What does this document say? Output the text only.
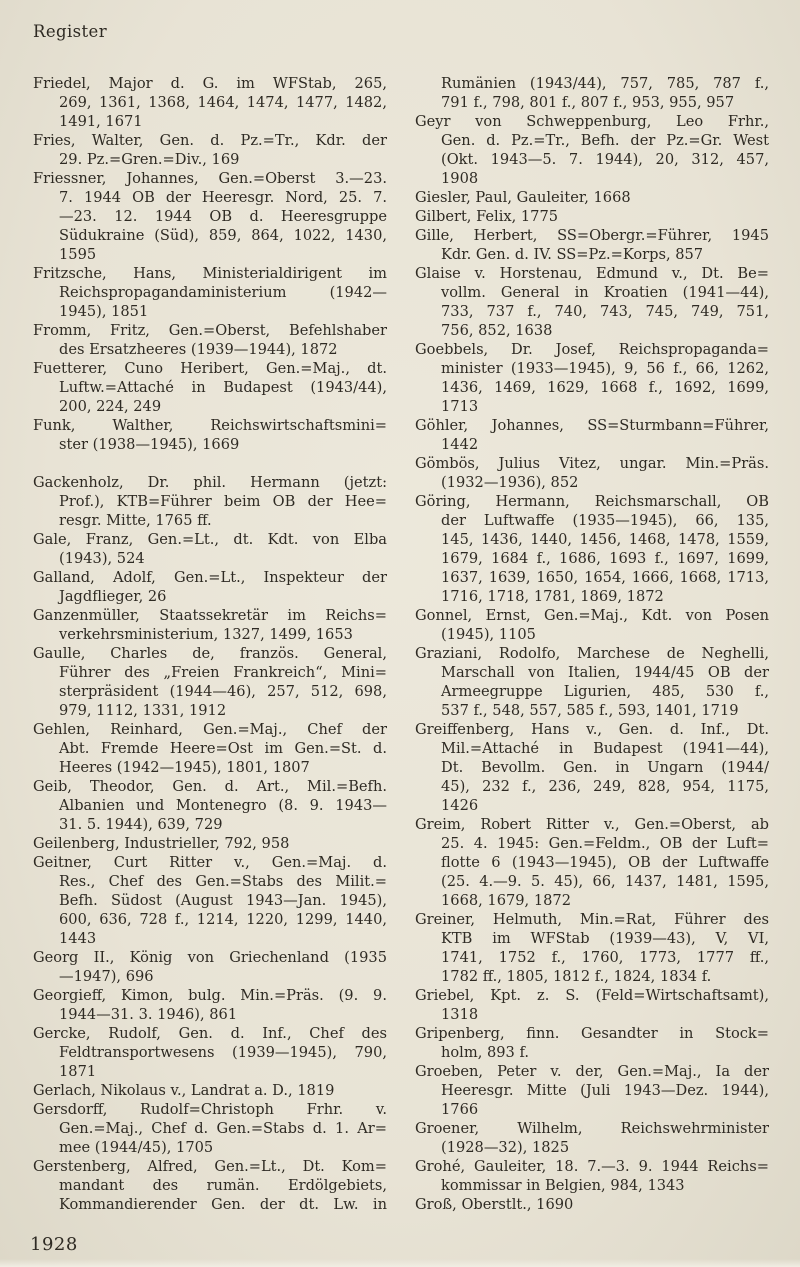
Register
Friedel, Major d. G. im WFStab, 265,
269, 1361, 1368, 1464, 1474, 1477, 1482,
1491, 1671
Fries, Walter, Gen. d. Pz.=Tr., Kdr. der
29. Pz.=Gren.=Div., 169
Friessner, Johannes, Gen.=Oberst 3.—23.
7. 1944 OB der Heeresgr. Nord, 25. 7.
—23. 12. 1944 OB d. Heeresgruppe
Südukraine (Süd), 859, 864, 1022, 1430,
1595
Fritzsche, Hans, Ministerialdirigent im
Reichspropagandaministerium (1942—
1945), 1851
Fromm, Fritz, Gen.=Oberst, Befehlshaber
des Ersatzheeres (1939—1944), 1872
Fuetterer, Cuno Heribert, Gen.=Maj., dt.
Luftw.=Attaché in Budapest (1943/44),
200, 224, 249
Funk, Walther, Reichswirtschaftsmini=
ster (1938—1945), 1669
Gackenholz, Dr. phil. Hermann (jetzt:
Prof.), KTB=Führer beim OB der Hee=
resgr. Mitte, 1765 ff.
Gale, Franz, Gen.=Lt., dt. Kdt. von Elba
(1943), 524
Galland, Adolf, Gen.=Lt., Inspekteur der
Jagdflieger, 26
Ganzenmüller, Staatssekretär im Reichs=
verkehrsministerium, 1327, 1499, 1653
Gaulle, Charles de, französ. General,
Führer des „Freien Frankreich“, Mini=
sterpräsident (1944—46), 257, 512, 698,
979, 1112, 1331, 1912
Gehlen, Reinhard, Gen.=Maj., Chef der
Abt. Fremde Heere=Ost im Gen.=St. d.
Heeres (1942—1945), 1801, 1807
Geib, Theodor, Gen. d. Art., Mil.=Befh.
Albanien und Montenegro (8. 9. 1943—
31. 5. 1944), 639, 729
Geilenberg, Industrieller, 792, 958
Geitner, Curt Ritter v., Gen.=Maj. d.
Res., Chef des Gen.=Stabs des Milit.=
Befh. Südost (August 1943—Jan. 1945),
600, 636, 728 f., 1214, 1220, 1299, 1440,
1443
Georg II., König von Griechenland (1935
—1947), 696
Georgieff, Kimon, bulg. Min.=Präs. (9. 9.
1944—31. 3. 1946), 861
Gercke, Rudolf, Gen. d. Inf., Chef des
Feldtransportwesens (1939—1945), 790,
1871
Gerlach, Nikolaus v., Landrat a. D., 1819
Gersdorff, Rudolf=Christoph Frhr. v.
Gen.=Maj., Chef d. Gen.=Stabs d. 1. Ar=
mee (1944/45), 1705
Gerstenberg, Alfred, Gen.=Lt., Dt. Kom=
mandant des rumän. Erdölgebiets,
Kommandierender Gen. der dt. Lw. in
Rumänien (1943/44), 757, 785, 787 f.,
791 f., 798, 801 f., 807 f., 953, 955, 957
Geyr von Schweppenburg, Leo Frhr.,
Gen. d. Pz.=Tr., Befh. der Pz.=Gr. West
(Okt. 1943—5. 7. 1944), 20, 312, 457,
1908
Giesler, Paul, Gauleiter, 1668
Gilbert, Felix, 1775
Gille, Herbert, SS=Obergr.=Führer, 1945
Kdr. Gen. d. IV. SS=Pz.=Korps, 857
Glaise v. Horstenau, Edmund v., Dt. Be=
vollm. General in Kroatien (1941—44),
733, 737 f., 740, 743, 745, 749, 751,
756, 852, 1638
Goebbels, Dr. Josef, Reichspropaganda=
minister (1933—1945), 9, 56 f., 66, 1262,
1436, 1469, 1629, 1668 f., 1692, 1699,
1713
Göhler, Johannes, SS=Sturmbann=Führer,
1442
Gömbös, Julius Vitez, ungar. Min.=Präs.
(1932—1936), 852
Göring, Hermann, Reichsmarschall, OB
der Luftwaffe (1935—1945), 66, 135,
145, 1436, 1440, 1456, 1468, 1478, 1559,
1679, 1684 f., 1686, 1693 f., 1697, 1699,
1637, 1639, 1650, 1654, 1666, 1668, 1713,
1716, 1718, 1781, 1869, 1872
Gonnel, Ernst, Gen.=Maj., Kdt. von Posen
(1945), 1105
Graziani, Rodolfo, Marchese de Neghelli,
Marschall von Italien, 1944/45 OB der
Armeegruppe Ligurien, 485, 530 f.,
537 f., 548, 557, 585 f., 593, 1401, 1719
Greiffenberg, Hans v., Gen. d. Inf., Dt.
Mil.=Attaché in Budapest (1941—44),
Dt. Bevollm. Gen. in Ungarn (1944/
45), 232 f., 236, 249, 828, 954, 1175,
1426
Greim, Robert Ritter v., Gen.=Oberst, ab
25. 4. 1945: Gen.=Feldm., OB der Luft=
flotte 6 (1943—1945), OB der Luftwaffe
(25. 4.—9. 5. 45), 66, 1437, 1481, 1595,
1668, 1679, 1872
Greiner, Helmuth, Min.=Rat, Führer des
KTB im WFStab (1939—43), V, VI,
1741, 1752 f., 1760, 1773, 1777 ff.,
1782 ff., 1805, 1812 f., 1824, 1834 f.
Griebel, Kpt. z. S. (Feld=Wirtschaftsamt),
1318
Gripenberg, finn. Gesandter in Stock=
holm, 893 f.
Groeben, Peter v. der, Gen.=Maj., Ia der
Heeresgr. Mitte (Juli 1943—Dez. 1944),
1766
Groener, Wilhelm, Reichswehrminister
(1928—32), 1825
Grohé, Gauleiter, 18. 7.—3. 9. 1944 Reichs=
kommissar in Belgien, 984, 1343
Groß, Oberstlt., 1690
1928
